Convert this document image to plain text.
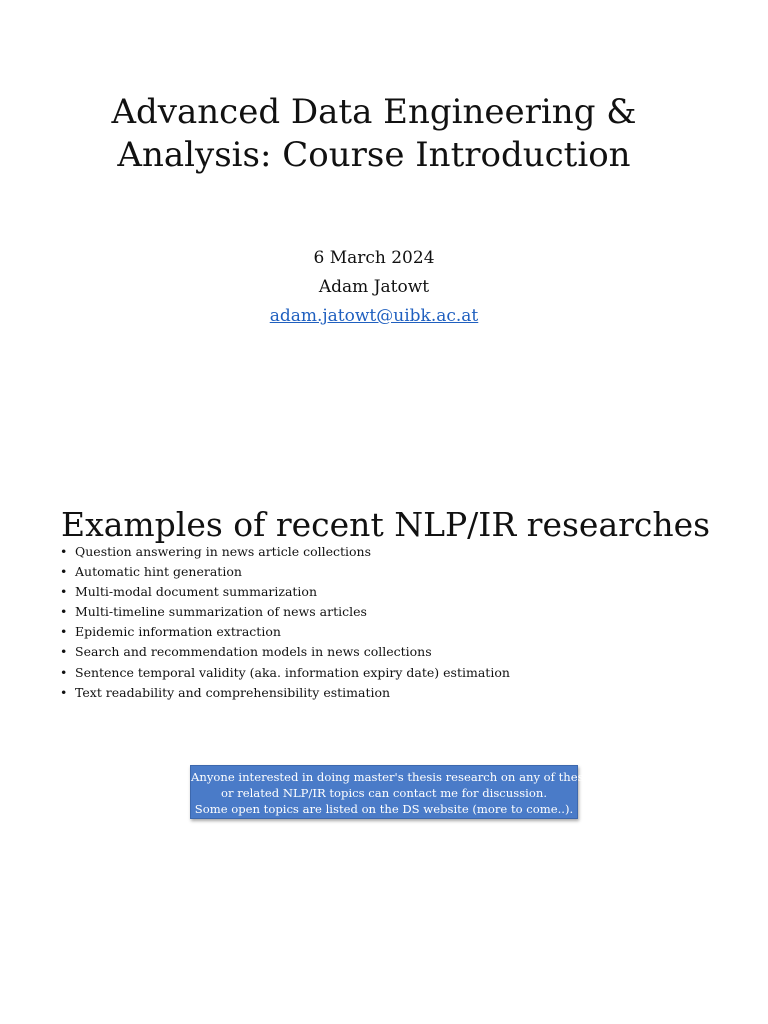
Advanced Data Engineering &
Analysis: Course Introduction
6 March 2024
Adam Jatowt
adam.jatowt@uibk.ac.at
Examples of recent NLP/IR researches
• Question answering in news article collections
• Automatic hint generation
• Multi-modal document summarization
• Multi-timeline summarization of news articles
• Epidemic information extraction
• Search and recommendation models in news collections
• Sentence temporal validity (aka. information expiry date) estimation
• Text readability and comprehensibility estimation
Anyone interested in doing master's thesis research on any of these
or related NLP/IR topics can contact me for discussion.
Some open topics are listed on the DS website (more to come..).
